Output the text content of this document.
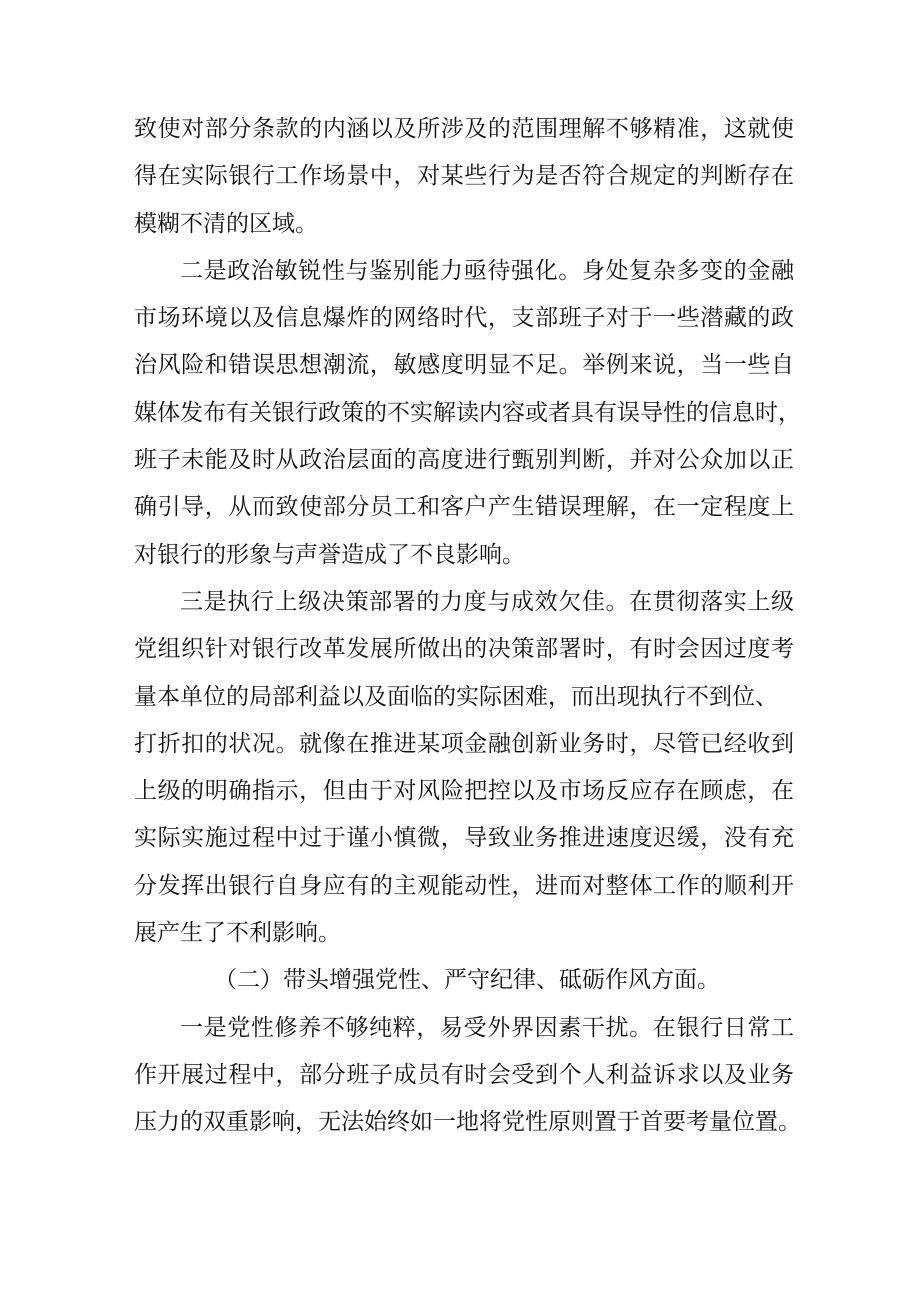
致使对部分条款的内涵以及所涉及的范围理解不够精准，这就使
得在实际银行工作场景中，对某些行为是否符合规定的判断存在
模糊不清的区域。
二是政治敏锐性与鉴别能力亟待强化。身处复杂多变的金融
市场环境以及信息爆炸的网络时代，支部班子对于一些潜藏的政
治风险和错误思想潮流，敏感度明显不足。举例来说，当一些自
媒体发布有关银行政策的不实解读内容或者具有误导性的信息时，
班子未能及时从政治层面的高度进行甄别判断，并对公众加以正
确引导，从而致使部分员工和客户产生错误理解，在一定程度上
对银行的形象与声誉造成了不良影响。
三是执行上级决策部署的力度与成效欠佳。在贯彻落实上级
党组织针对银行改革发展所做出的决策部署时，有时会因过度考
量本单位的局部利益以及面临的实际困难，而出现执行不到位、
打折扣的状况。就像在推进某项金融创新业务时，尽管已经收到
上级的明确指示，但由于对风险把控以及市场反应存在顾虑，在
实际实施过程中过于谨小慎微，导致业务推进速度迟缓，没有充
分发挥出银行自身应有的主观能动性，进而对整体工作的顺利开
展产生了不利影响。
（二）带头增强党性、严守纪律、砥砺作风方面。
一是党性修养不够纯粹，易受外界因素干扰。在银行日常工
作开展过程中，部分班子成员有时会受到个人利益诉求以及业务
压力的双重影响，无法始终如一地将党性原则置于首要考量位置。
